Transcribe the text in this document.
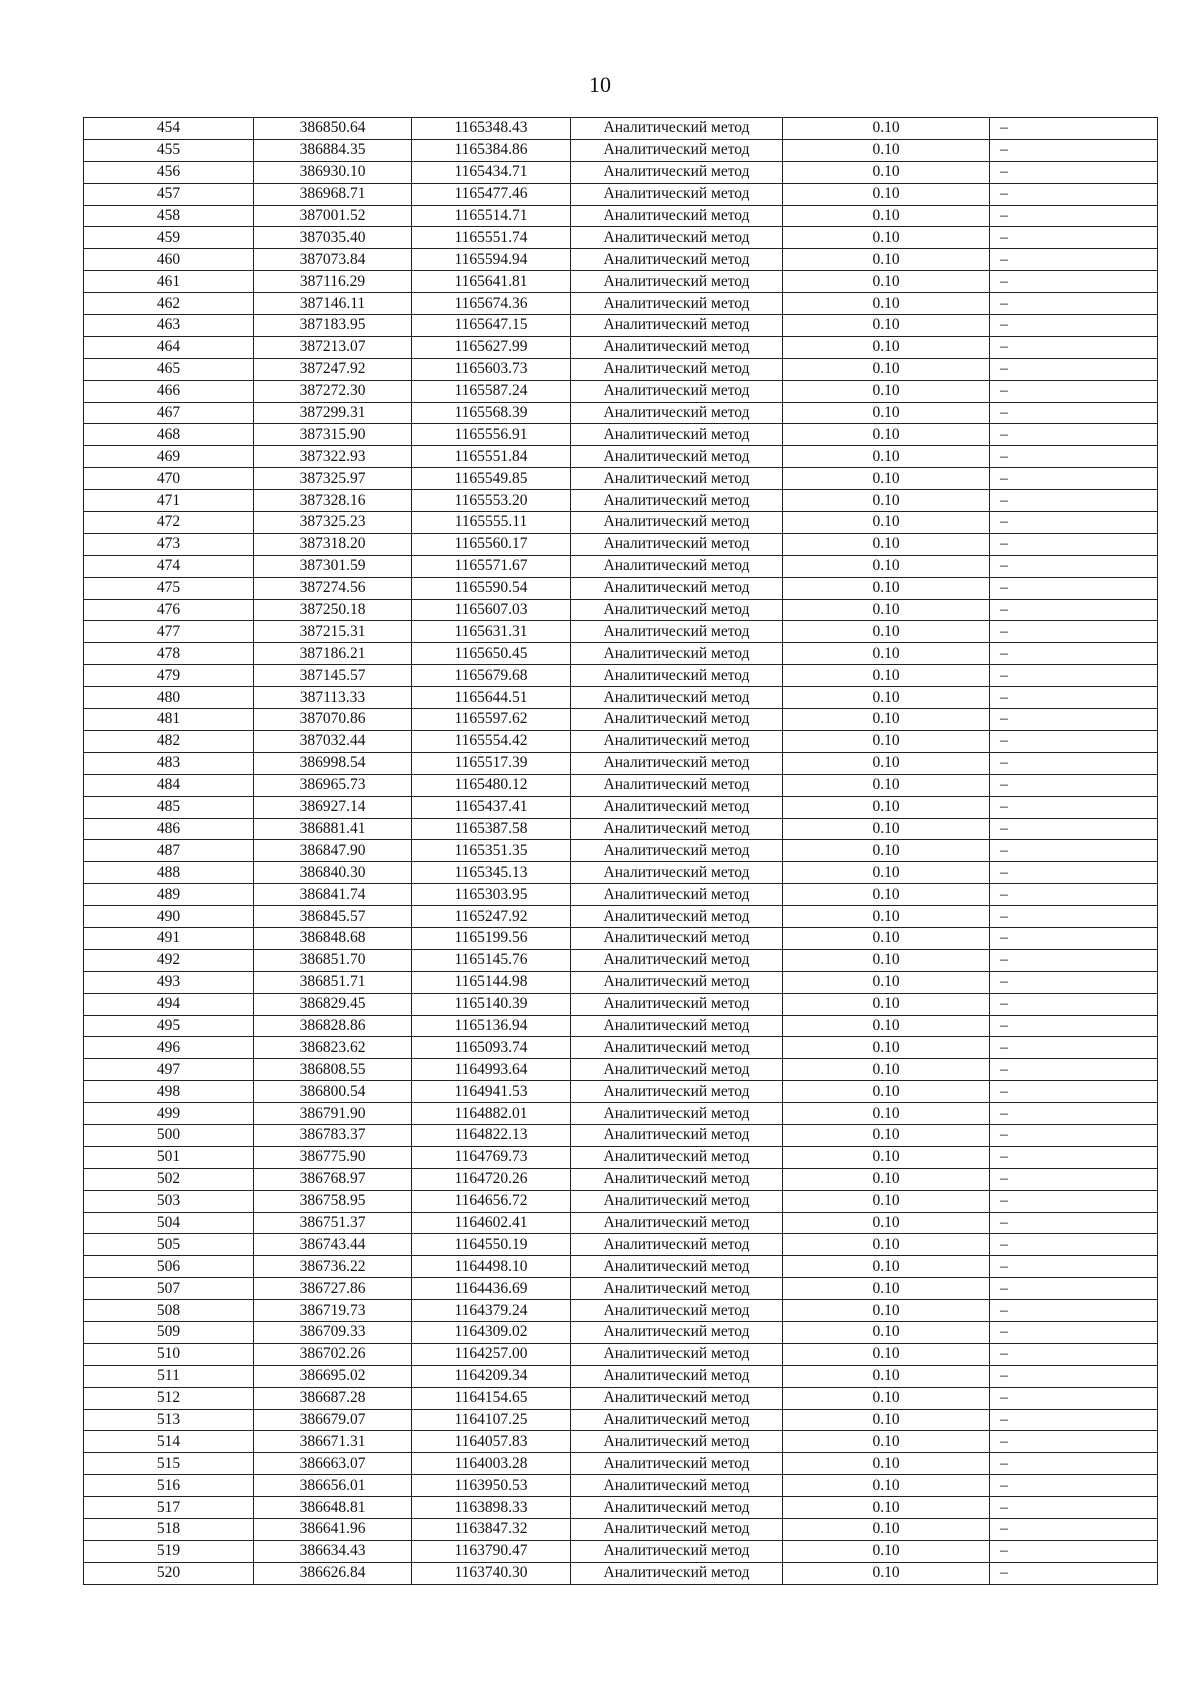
10
454	386850.64	1165348.43	Аналитический метод	0.10	–
455	386884.35	1165384.86	Аналитический метод	0.10	–
456	386930.10	1165434.71	Аналитический метод	0.10	–
457	386968.71	1165477.46	Аналитический метод	0.10	–
458	387001.52	1165514.71	Аналитический метод	0.10	–
459	387035.40	1165551.74	Аналитический метод	0.10	–
460	387073.84	1165594.94	Аналитический метод	0.10	–
461	387116.29	1165641.81	Аналитический метод	0.10	–
462	387146.11	1165674.36	Аналитический метод	0.10	–
463	387183.95	1165647.15	Аналитический метод	0.10	–
464	387213.07	1165627.99	Аналитический метод	0.10	–
465	387247.92	1165603.73	Аналитический метод	0.10	–
466	387272.30	1165587.24	Аналитический метод	0.10	–
467	387299.31	1165568.39	Аналитический метод	0.10	–
468	387315.90	1165556.91	Аналитический метод	0.10	–
469	387322.93	1165551.84	Аналитический метод	0.10	–
470	387325.97	1165549.85	Аналитический метод	0.10	–
471	387328.16	1165553.20	Аналитический метод	0.10	–
472	387325.23	1165555.11	Аналитический метод	0.10	–
473	387318.20	1165560.17	Аналитический метод	0.10	–
474	387301.59	1165571.67	Аналитический метод	0.10	–
475	387274.56	1165590.54	Аналитический метод	0.10	–
476	387250.18	1165607.03	Аналитический метод	0.10	–
477	387215.31	1165631.31	Аналитический метод	0.10	–
478	387186.21	1165650.45	Аналитический метод	0.10	–
479	387145.57	1165679.68	Аналитический метод	0.10	–
480	387113.33	1165644.51	Аналитический метод	0.10	–
481	387070.86	1165597.62	Аналитический метод	0.10	–
482	387032.44	1165554.42	Аналитический метод	0.10	–
483	386998.54	1165517.39	Аналитический метод	0.10	–
484	386965.73	1165480.12	Аналитический метод	0.10	–
485	386927.14	1165437.41	Аналитический метод	0.10	–
486	386881.41	1165387.58	Аналитический метод	0.10	–
487	386847.90	1165351.35	Аналитический метод	0.10	–
488	386840.30	1165345.13	Аналитический метод	0.10	–
489	386841.74	1165303.95	Аналитический метод	0.10	–
490	386845.57	1165247.92	Аналитический метод	0.10	–
491	386848.68	1165199.56	Аналитический метод	0.10	–
492	386851.70	1165145.76	Аналитический метод	0.10	–
493	386851.71	1165144.98	Аналитический метод	0.10	–
494	386829.45	1165140.39	Аналитический метод	0.10	–
495	386828.86	1165136.94	Аналитический метод	0.10	–
496	386823.62	1165093.74	Аналитический метод	0.10	–
497	386808.55	1164993.64	Аналитический метод	0.10	–
498	386800.54	1164941.53	Аналитический метод	0.10	–
499	386791.90	1164882.01	Аналитический метод	0.10	–
500	386783.37	1164822.13	Аналитический метод	0.10	–
501	386775.90	1164769.73	Аналитический метод	0.10	–
502	386768.97	1164720.26	Аналитический метод	0.10	–
503	386758.95	1164656.72	Аналитический метод	0.10	–
504	386751.37	1164602.41	Аналитический метод	0.10	–
505	386743.44	1164550.19	Аналитический метод	0.10	–
506	386736.22	1164498.10	Аналитический метод	0.10	–
507	386727.86	1164436.69	Аналитический метод	0.10	–
508	386719.73	1164379.24	Аналитический метод	0.10	–
509	386709.33	1164309.02	Аналитический метод	0.10	–
510	386702.26	1164257.00	Аналитический метод	0.10	–
511	386695.02	1164209.34	Аналитический метод	0.10	–
512	386687.28	1164154.65	Аналитический метод	0.10	–
513	386679.07	1164107.25	Аналитический метод	0.10	–
514	386671.31	1164057.83	Аналитический метод	0.10	–
515	386663.07	1164003.28	Аналитический метод	0.10	–
516	386656.01	1163950.53	Аналитический метод	0.10	–
517	386648.81	1163898.33	Аналитический метод	0.10	–
518	386641.96	1163847.32	Аналитический метод	0.10	–
519	386634.43	1163790.47	Аналитический метод	0.10	–
520	386626.84	1163740.30	Аналитический метод	0.10	–
